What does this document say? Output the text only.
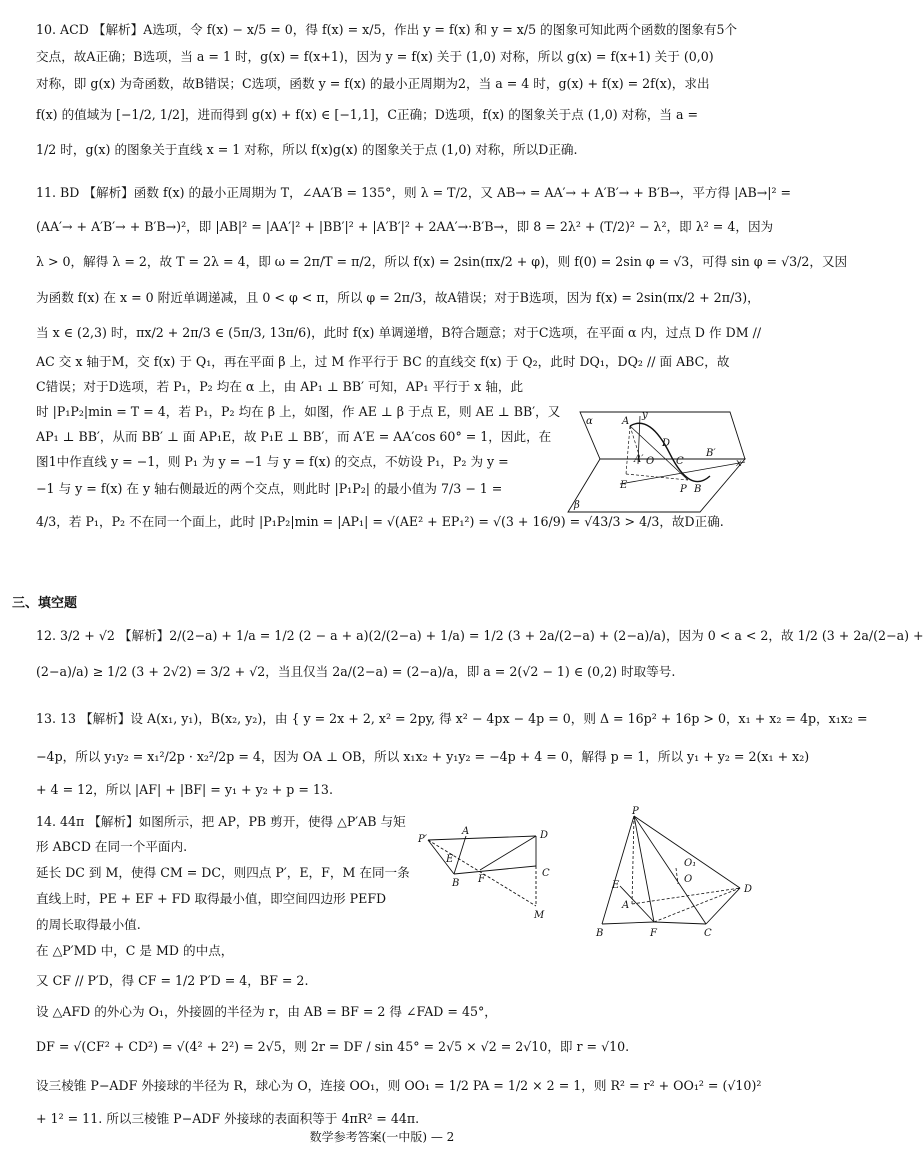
10. ACD 【解析】A选项，令 f(x) − x/5 = 0，得 f(x) = x/5，作出 y = f(x) 和 y = x/5 的图象可知此两个函数的图象有5个
交点，故A正确；B选项，当 a = 1 时，g(x) = f(x+1)，因为 y = f(x) 关于 (1,0) 对称，所以 g(x) = f(x+1) 关于 (0,0)
对称，即 g(x) 为奇函数，故B错误；C选项，函数 y = f(x) 的最小正周期为2，当 a = 4 时，g(x) + f(x) = 2f(x)，求出
f(x) 的值域为 [−1/2, 1/2]，进而得到 g(x) + f(x) ∈ [−1,1]，C正确；D选项，f(x) 的图象关于点 (1,0) 对称，当 a =
1/2 时，g(x) 的图象关于直线 x = 1 对称，所以 f(x)g(x) 的图象关于点 (1,0) 对称，所以D正确.
11. BD 【解析】函数 f(x) 的最小正周期为 T，∠AA′B = 135°，则 λ = T/2，又 AB→ = AA′→ + A′B′→ + B′B→，平方得 |AB→|² =
(AA′→ + A′B′→ + B′B→)²，即 |AB|² = |AA′|² + |BB′|² + |A′B′|² + 2AA′→·B′B→，即 8 = 2λ² + (T/2)² − λ²，即 λ² = 4，因为
λ > 0，解得 λ = 2，故 T = 2λ = 4，即 ω = 2π/T = π/2，所以 f(x) = 2sin(πx/2 + φ)，则 f(0) = 2sin φ = √3，可得 sin φ = √3/2，又因
为函数 f(x) 在 x = 0 附近单调递减，且 0 < φ < π，所以 φ = 2π/3，故A错误；对于B选项，因为 f(x) = 2sin(πx/2 + 2π/3)，
当 x ∈ (2,3) 时，πx/2 + 2π/3 ∈ (5π/3, 13π/6)，此时 f(x) 单调递增，B符合题意；对于C选项，在平面 α 内，过点 D 作 DM //
AC 交 x 轴于M，交 f(x) 于 Q₁，再在平面 β 上，过 M 作平行于 BC 的直线交 f(x) 于 Q₂，此时 DQ₁，DQ₂ // 面 ABC，故
C错误；对于D选项，若 P₁，P₂ 均在 α 上，由 AP₁ ⊥ BB′ 可知，AP₁ 平行于 x 轴，此
时 |P₁P₂|min = T = 4，若 P₁，P₂ 均在 β 上，如图，作 AE ⊥ β 于点 E，则 AE ⊥ BB′，又
AP₁ ⊥ BB′，从而 BB′ ⊥ 面 AP₁E，故 P₁E ⊥ BB′，而 A′E = AA′cos 60° = 1，因此，在
图1中作直线 y = −1，则 P₁ 为 y = −1 与 y = f(x) 的交点，不妨设 P₁，P₂ 为 y =
−1 与 y = f(x) 在 y 轴右侧最近的两个交点，则此时 |P₁P₂| 的最小值为 7/3 − 1 =
4/3，若 P₁，P₂ 不在同一个面上，此时 |P₁P₂|min = |AP₁| = √(AE² + EP₁²) = √(3 + 16/9) = √43/3 > 4/3，故D正确.
α	A
y
D
A′ O C
B′
x
E	P B
β
三、填空题
12. 3/2 + √2 【解析】2/(2−a) + 1/a = 1/2 (2 − a + a)(2/(2−a) + 1/a) = 1/2 (3 + 2a/(2−a) + (2−a)/a)，因为 0 < a < 2，故 1/2 (3 + 2a/(2−a) +
(2−a)/a) ≥ 1/2 (3 + 2√2) = 3/2 + √2，当且仅当 2a/(2−a) = (2−a)/a，即 a = 2(√2 − 1) ∈ (0,2) 时取等号.
13. 13 【解析】设 A(x₁, y₁)，B(x₂, y₂)，由 { y = 2x + 2, x² = 2py, 得 x² − 4px − 4p = 0，则 Δ = 16p² + 16p > 0，x₁ + x₂ = 4p，x₁x₂ =
−4p，所以 y₁y₂ = x₁²/2p · x₂²/2p = 4，因为 OA ⊥ OB，所以 x₁x₂ + y₁y₂ = −4p + 4 = 0，解得 p = 1，所以 y₁ + y₂ = 2(x₁ + x₂)
+ 4 = 12，所以 |AF| + |BF| = y₁ + y₂ + p = 13.
14. 44π 【解析】如图所示，把 AP，PB 剪开，使得 △P′AB 与矩
形 ABCD 在同一个平面内.
延长 DC 到 M，使得 CM = DC，则四点 P′，E，F，M 在同一条
直线上时，PE + EF + FD 取得最小值，即空间四边形 PEFD
的周长取得最小值.
在 △P′MD 中，C 是 MD 的中点，
又 CF // P′D，得 CF = 1/2 P′D = 4，BF = 2.
设 △AFD 的外心为 O₁，外接圆的半径为 r，由 AB = BF = 2 得 ∠FAD = 45°，
DF = √(CF² + CD²) = √(4² + 2²) = 2√5，则 2r = DF / sin 45° = 2√5 × √2 = 2√10，即 r = √10.
设三棱锥 P−ADF 外接球的半径为 R，球心为 O，连接 OO₁，则 OO₁ = 1/2 PA = 1/2 × 2 = 1，则 R² = r² + OO₁² = (√10)²
+ 1² = 11. 所以三棱锥 P−ADF 外接球的表面积等于 4πR² = 44π.
P′
A	D
E
B F
C
M
P
O₁
O
E
A
B	F	C
D
数学参考答案(一中版) — 2
